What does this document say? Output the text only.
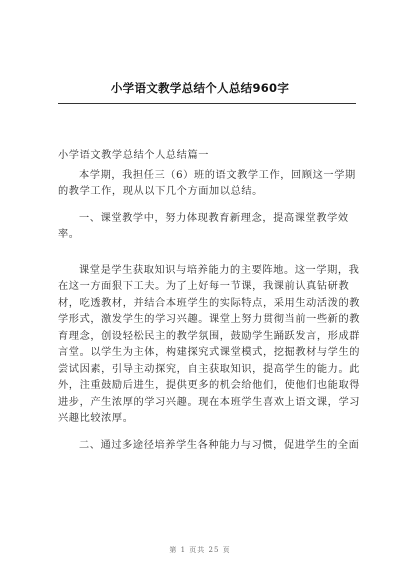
小学语文教学总结个人总结960字
小学语文教学总结个人总结篇一
本学期，我担任三（6）班的语文教学工作，回顾这一学期
的教学工作，现从以下几个方面加以总结。
一、课堂教学中，努力体现教育新理念，提高课堂教学效
率。
课堂是学生获取知识与培养能力的主要阵地。这一学期，我
在这一方面狠下工夫。为了上好每一节课，我课前认真钻研教
材，吃透教材，并结合本班学生的实际特点，采用生动活泼的教
学形式，激发学生的学习兴趣。课堂上努力贯彻当前一些新的教
育理念，创设轻松民主的教学氛围，鼓励学生踊跃发言，形成群
言堂。以学生为主体，构建探究式课堂模式，挖掘教材与学生的
尝试因素，引导主动探究，自主获取知识，提高学生的能力。此
外，注重鼓励后进生，提供更多的机会给他们，使他们也能取得
进步，产生浓厚的学习兴趣。现在本班学生喜欢上语文课，学习
兴趣比较浓厚。
二、通过多途径培养学生各种能力与习惯，促进学生的全面
第 1 页共 25 页
